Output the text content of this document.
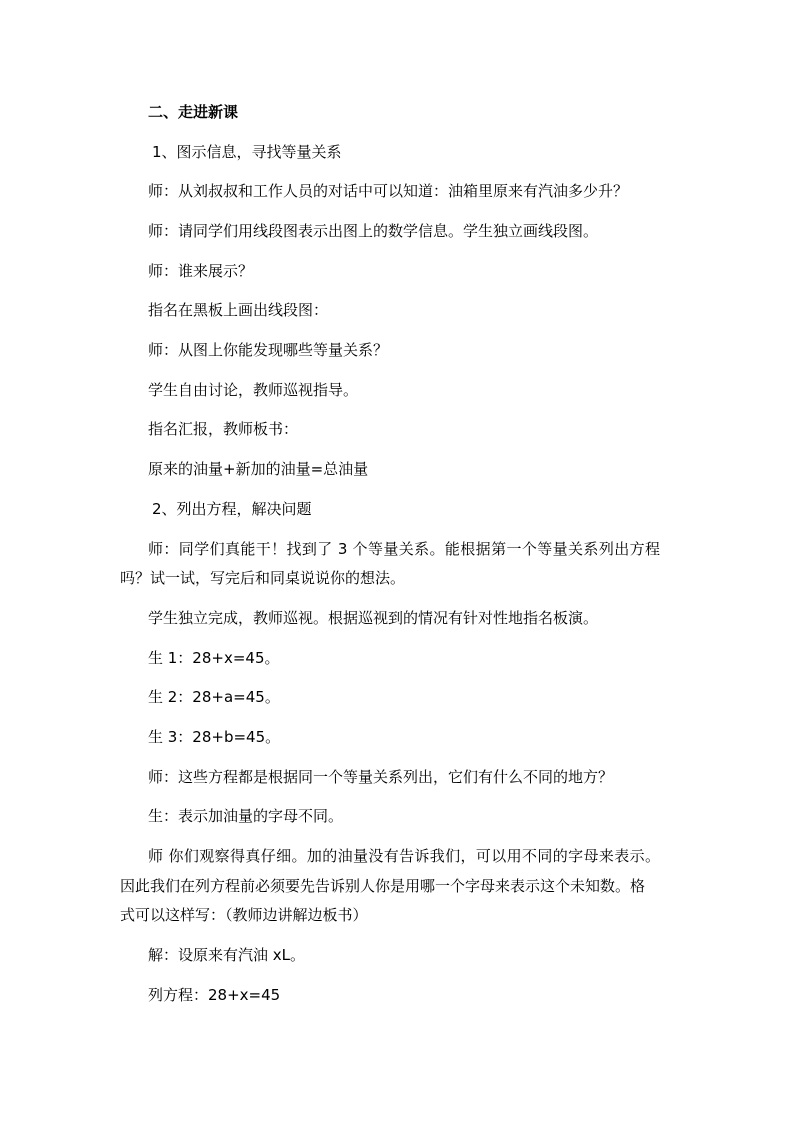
二、走进新课
1、图示信息，寻找等量关系
师：从刘叔叔和工作人员的对话中可以知道：油箱里原来有汽油多少升？
师：请同学们用线段图表示出图上的数学信息。学生独立画线段图。
师：谁来展示？
指名在黑板上画出线段图：
师：从图上你能发现哪些等量关系？
学生自由讨论，教师巡视指导。
指名汇报，教师板书：
原来的油量+新加的油量=总油量
2、列出方程，解决问题
师：同学们真能干！找到了 3 个等量关系。能根据第一个等量关系列出方程
吗？试一试，写完后和同桌说说你的想法。
学生独立完成，教师巡视。根据巡视到的情况有针对性地指名板演。
生 1：28+x=45。
生 2：28+a=45。
生 3：28+b=45。
师：这些方程都是根据同一个等量关系列出，它们有什么不同的地方？
生：表示加油量的字母不同。
师 你们观察得真仔细。加的油量没有告诉我们，可以用不同的字母来表示。
因此我们在列方程前必须要先告诉别人你是用哪一个字母来表示这个未知数。格
式可以这样写：（教师边讲解边板书）
解：设原来有汽油 xL。
列方程：28+x=45
